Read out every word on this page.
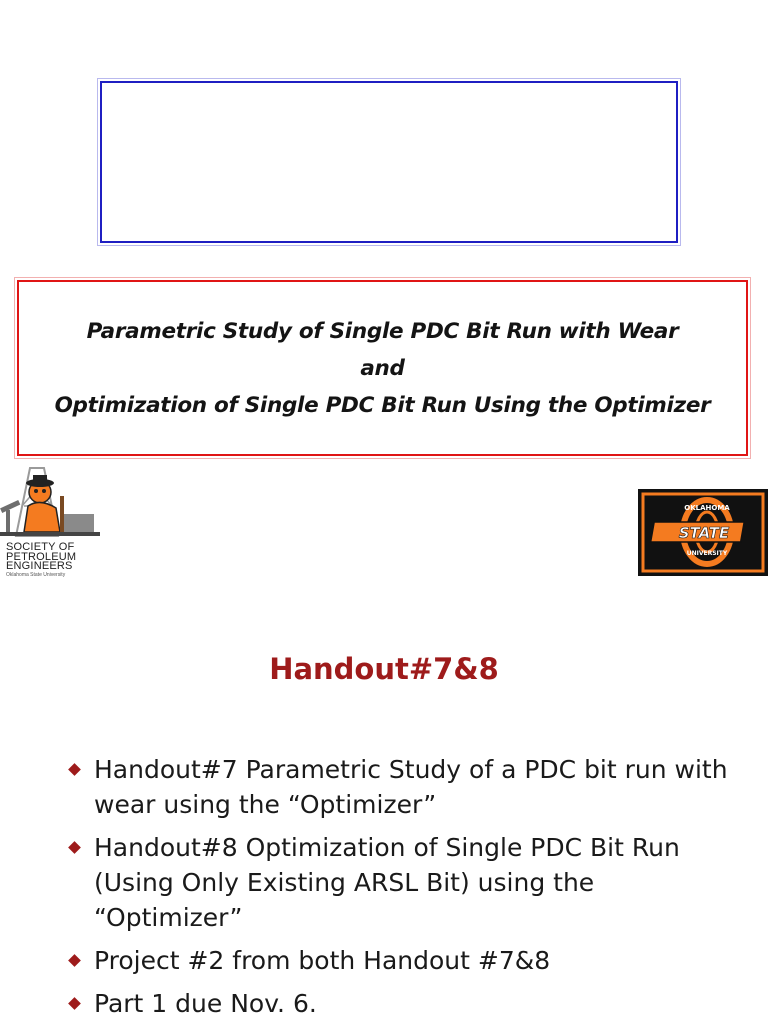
Parametric Study of Single PDC Bit Run with Wear
and
Optimization of Single PDC Bit Run Using the Optimizer
SOCIETY OF
PETROLEUM
ENGINEERS
Oklahoma State University
OKLAHOMA
STATE
UNIVERSITY
Handout#7&8
Handout#7 Parametric Study of a PDC bit run with wear using the “Optimizer”
Handout#8 Optimization of Single PDC Bit Run (Using Only Existing ARSL Bit) using the “Optimizer”
Project #2 from both Handout #7&8
Part 1 due Nov. 6.
